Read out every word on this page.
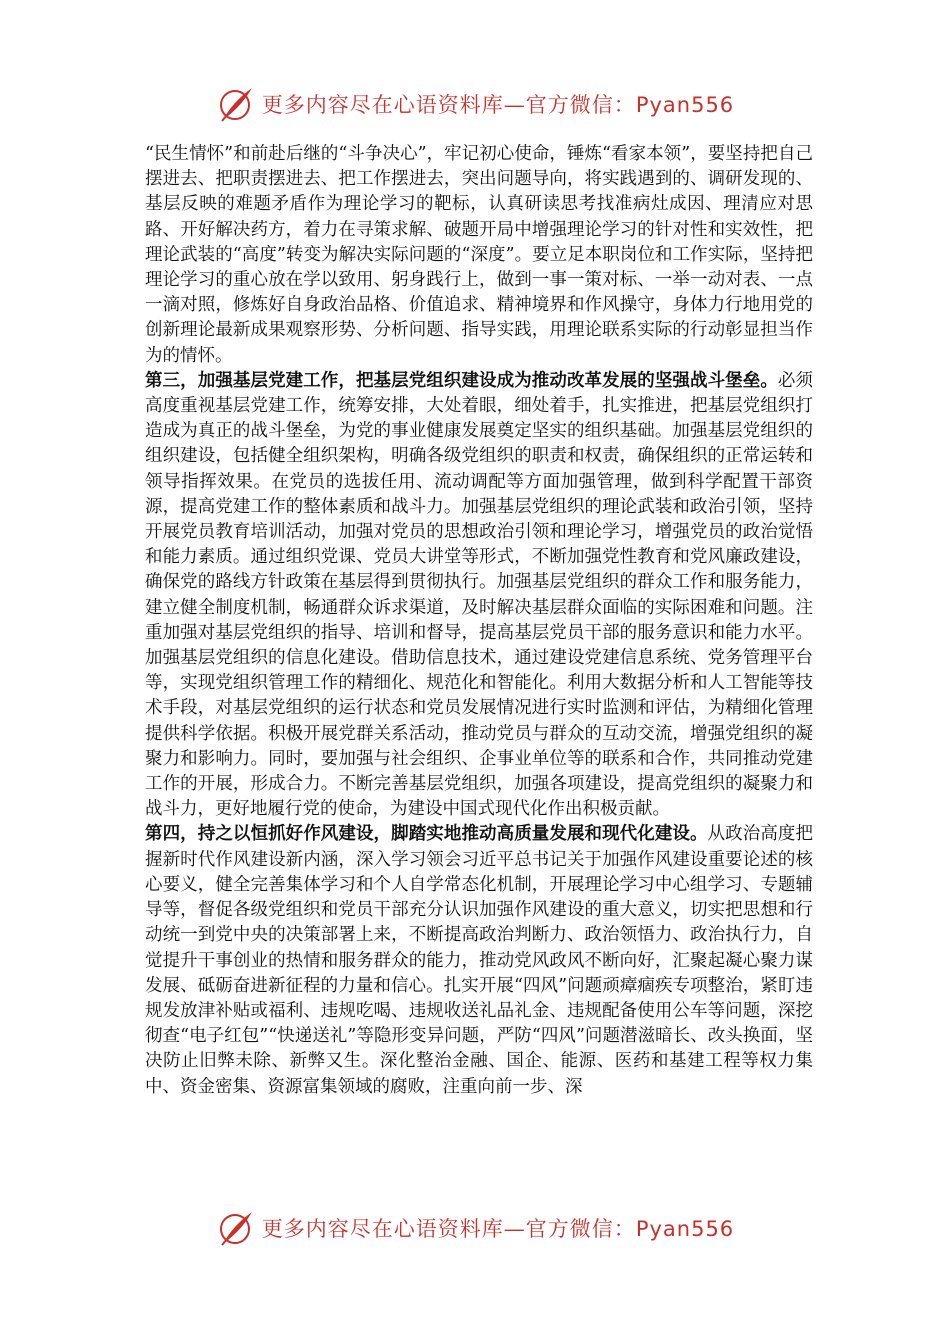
更多内容尽在心语资料库—官方微信：Pyan556

“民生情怀”和前赴后继的“斗争决心”，牢记初心使命，锤炼“看家本领”，要坚持把自己摆进去、把职责摆进去、把工作摆进去，突出问题导向，将实践遇到的、调研发现的、基层反映的难题矛盾作为理论学习的靶标，认真研读思考找准病灶成因、理清应对思路、开好解决药方，着力在寻策求解、破题开局中增强理论学习的针对性和实效性，把理论武装的“高度”转变为解决实际问题的“深度”。要立足本职岗位和工作实际，坚持把理论学习的重心放在学以致用、躬身践行上，做到一事一策对标、一举一动对表、一点一滴对照，修炼好自身政治品格、价值追求、精神境界和作风操守，身体力行地用党的创新理论最新成果观察形势、分析问题、指导实践，用理论联系实际的行动彰显担当作为的情怀。

第三，加强基层党建工作，把基层党组织建设成为推动改革发展的坚强战斗堡垒。必须高度重视基层党建工作，统筹安排，大处着眼，细处着手，扎实推进，把基层党组织打造成为真正的战斗堡垒，为党的事业健康发展奠定坚实的组织基础。加强基层党组织的组织建设，包括健全组织架构，明确各级党组织的职责和权责，确保组织的正常运转和领导指挥效果。在党员的选拔任用、流动调配等方面加强管理，做到科学配置干部资源，提高党建工作的整体素质和战斗力。加强基层党组织的理论武装和政治引领，坚持开展党员教育培训活动，加强对党员的思想政治引领和理论学习，增强党员的政治觉悟和能力素质。通过组织党课、党员大讲堂等形式，不断加强党性教育和党风廉政建设，确保党的路线方针政策在基层得到贯彻执行。加强基层党组织的群众工作和服务能力，建立健全制度机制，畅通群众诉求渠道，及时解决基层群众面临的实际困难和问题。注重加强对基层党组织的指导、培训和督导，提高基层党员干部的服务意识和能力水平。加强基层党组织的信息化建设。借助信息技术，通过建设党建信息系统、党务管理平台等，实现党组织管理工作的精细化、规范化和智能化。利用大数据分析和人工智能等技术手段，对基层党组织的运行状态和党员发展情况进行实时监测和评估，为精细化管理提供科学依据。积极开展党群关系活动，推动党员与群众的互动交流，增强党组织的凝聚力和影响力。同时，要加强与社会组织、企事业单位等的联系和合作，共同推动党建工作的开展，形成合力。不断完善基层党组织，加强各项建设，提高党组织的凝聚力和战斗力，更好地履行党的使命，为建设中国式现代化作出积极贡献。

第四，持之以恒抓好作风建设，脚踏实地推动高质量发展和现代化建设。从政治高度把握新时代作风建设新内涵，深入学习领会习近平总书记关于加强作风建设重要论述的核心要义，健全完善集体学习和个人自学常态化机制，开展理论学习中心组学习、专题辅导等，督促各级党组织和党员干部充分认识加强作风建设的重大意义，切实把思想和行动统一到党中央的决策部署上来，不断提高政治判断力、政治领悟力、政治执行力，自觉提升干事创业的热情和服务群众的能力，推动党风政风不断向好，汇聚起凝心聚力谋发展、砥砺奋进新征程的力量和信心。扎实开展“四风”问题顽瘴痼疾专项整治，紧盯违规发放津补贴或福利、违规吃喝、违规收送礼品礼金、违规配备使用公车等问题，深挖彻查“电子红包”“快递送礼”等隐形变异问题，严防“四风”问题潜滋暗长、改头换面，坚决防止旧弊未除、新弊又生。深化整治金融、国企、能源、医药和基建工程等权力集中、资金密集、资源富集领域的腐败，注重向前一步、深

更多内容尽在心语资料库—官方微信：Pyan556
